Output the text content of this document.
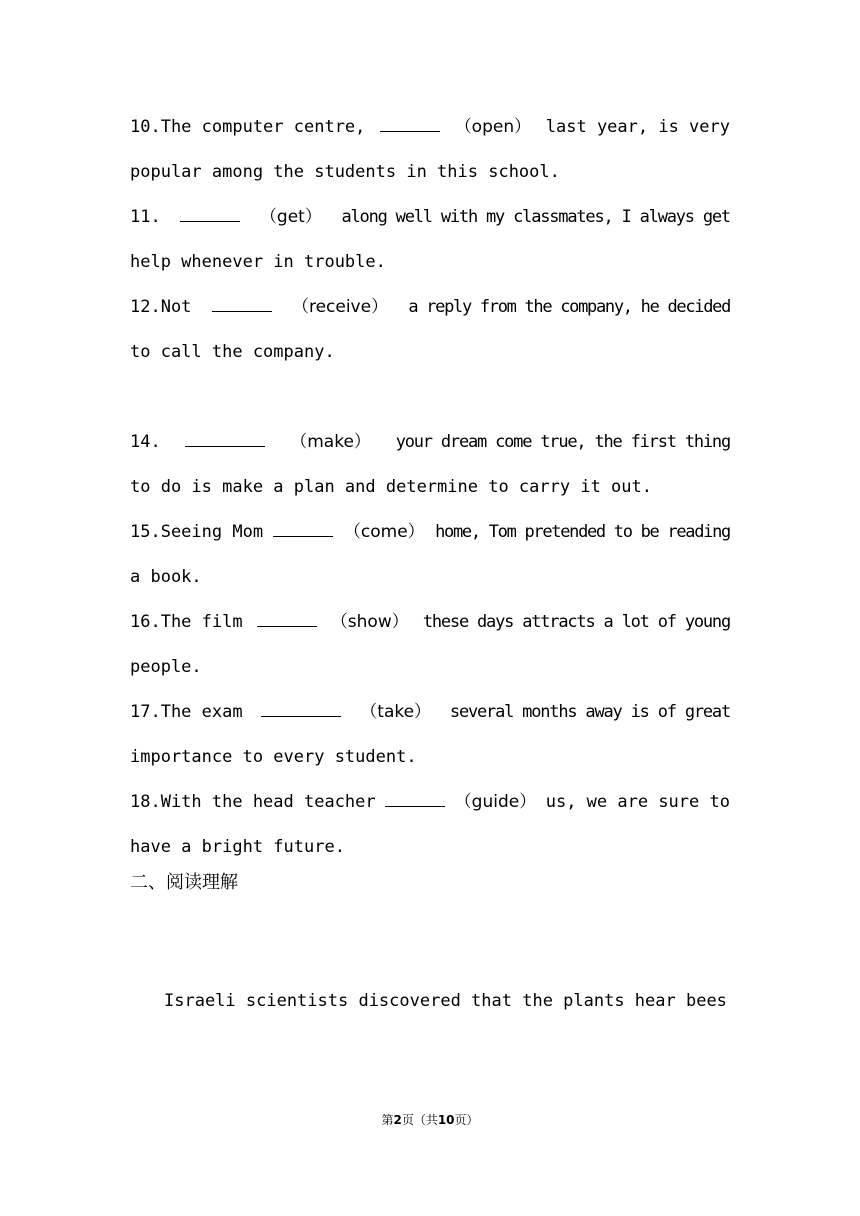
10.The computer centre,	（open） last year, is very
popular among the students in this school.
11.	（get） along well with my classmates, I always get
help whenever in trouble.
12.Not	（receive） a reply from the company, he decided
to call the company.

14.	（make） your dream come true, the first thing
to do is make a plan and determine to carry it out.
15.Seeing Mom	（come） home, Tom pretended to be reading
a book.
16.The film	（show） these days attracts a lot of young
people.
17.The exam	（take） several months away is of great
importance to every student.
18.With the head teacher	（guide） us, we are sure to
have a bright future.
二、阅读理解

Israeli scientists discovered that the plants hear bees

第2页（共10页）
